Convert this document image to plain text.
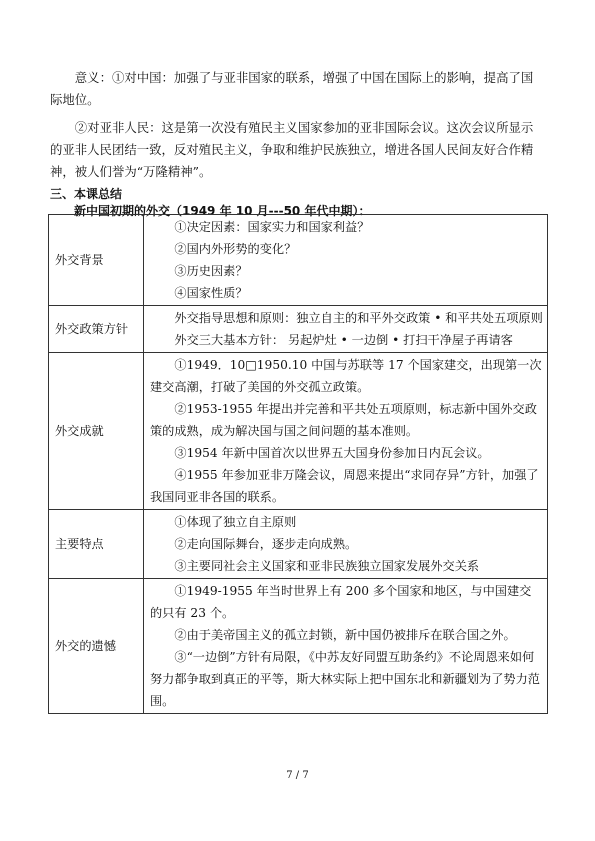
意义：①对中国：加强了与亚非国家的联系，增强了中国在国际上的影响，提高了国际地位。

②对亚非人民：这是第一次没有殖民主义国家参加的亚非国际会议。这次会议所显示的亚非人民团结一致，反对殖民主义，争取和维护民族独立，增进各国人民间友好合作精神，被人们誉为“万隆精神”。

三、本课总结

新中国初期的外交（1949 年 10 月---50 年代中期）：

外交背景	①决定因素：国家实力和国家利益？

②国内外形势的变化？

③历史因素？

④国家性质？

外交政策方针	外交指导思想和原则：独立自主的和平外交政策 • 和平共处五项原则

外交三大基本方针： 另起炉灶 • 一边倒 • 打扫干净屋子再请客

外交成就	①1949．10□1950.10 中国与苏联等 17 个国家建交，出现第一次建交高潮，打破了美国的外交孤立政策。

②1953-1955 年提出并完善和平共处五项原则，标志新中国外交政策的成熟，成为解决国与国之间问题的基本准则。

③1954 年新中国首次以世界五大国身份参加日内瓦会议。

④1955 年参加亚非万隆会议，周恩来提出“求同存异”方针，加强了我国同亚非各国的联系。

主要特点	①体现了独立自主原则

②走向国际舞台，逐步走向成熟。

③主要同社会主义国家和亚非民族独立国家发展外交关系

外交的遗憾	①1949-1955 年当时世界上有 200 多个国家和地区，与中国建交的只有 23 个。

②由于美帝国主义的孤立封锁，新中国仍被排斥在联合国之外。

③“一边倒”方针有局限，《中苏友好同盟互助条约》不论周恩来如何努力都争取到真正的平等，斯大林实际上把中国东北和新疆划为了势力范围。

7 / 7
